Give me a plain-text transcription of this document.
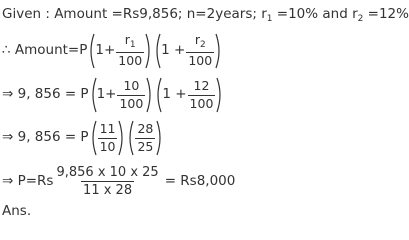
Given : Amount =Rs9,856; n=2years; $r_1 =10\%$ and $r_2 =12\%$
∴ Amount=P $1+ \frac{r_1}{100} 1 + \frac{r_2}{100}$
⇒ 9, 856 = P $1+ \frac{10}{100} 1 + \frac{12}{100}$
⇒ 9, 856 = P $\frac{11}{10} \frac{28}{25}$
⇒ $P=Rs \frac{9,856 x 10 x 25}{11 x 28} = Rs8,000$
Ans.
